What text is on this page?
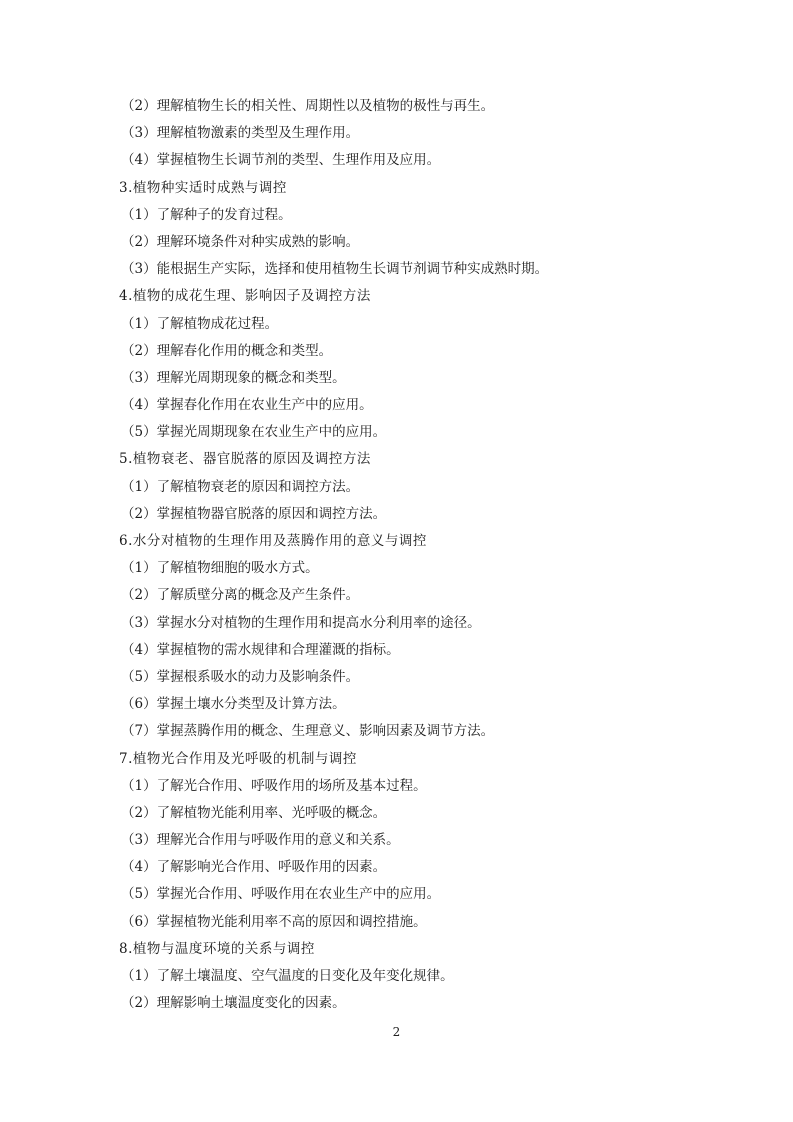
（2）理解植物生长的相关性、周期性以及植物的极性与再生。
（3）理解植物激素的类型及生理作用。
（4）掌握植物生长调节剂的类型、生理作用及应用。
3.植物种实适时成熟与调控
（1）了解种子的发育过程。
（2）理解环境条件对种实成熟的影响。
（3）能根据生产实际，选择和使用植物生长调节剂调节种实成熟时期。
4.植物的成花生理、影响因子及调控方法
（1）了解植物成花过程。
（2）理解春化作用的概念和类型。
（3）理解光周期现象的概念和类型。
（4）掌握春化作用在农业生产中的应用。
（5）掌握光周期现象在农业生产中的应用。
5.植物衰老、器官脱落的原因及调控方法
（1）了解植物衰老的原因和调控方法。
（2）掌握植物器官脱落的原因和调控方法。
6.水分对植物的生理作用及蒸腾作用的意义与调控
（1）了解植物细胞的吸水方式。
（2）了解质壁分离的概念及产生条件。
（3）掌握水分对植物的生理作用和提高水分利用率的途径。
（4）掌握植物的需水规律和合理灌溉的指标。
（5）掌握根系吸水的动力及影响条件。
（6）掌握土壤水分类型及计算方法。
（7）掌握蒸腾作用的概念、生理意义、影响因素及调节方法。
7.植物光合作用及光呼吸的机制与调控
（1）了解光合作用、呼吸作用的场所及基本过程。
（2）了解植物光能利用率、光呼吸的概念。
（3）理解光合作用与呼吸作用的意义和关系。
（4）了解影响光合作用、呼吸作用的因素。
（5）掌握光合作用、呼吸作用在农业生产中的应用。
（6）掌握植物光能利用率不高的原因和调控措施。
8.植物与温度环境的关系与调控
（1）了解土壤温度、空气温度的日变化及年变化规律。
（2）理解影响土壤温度变化的因素。
2
